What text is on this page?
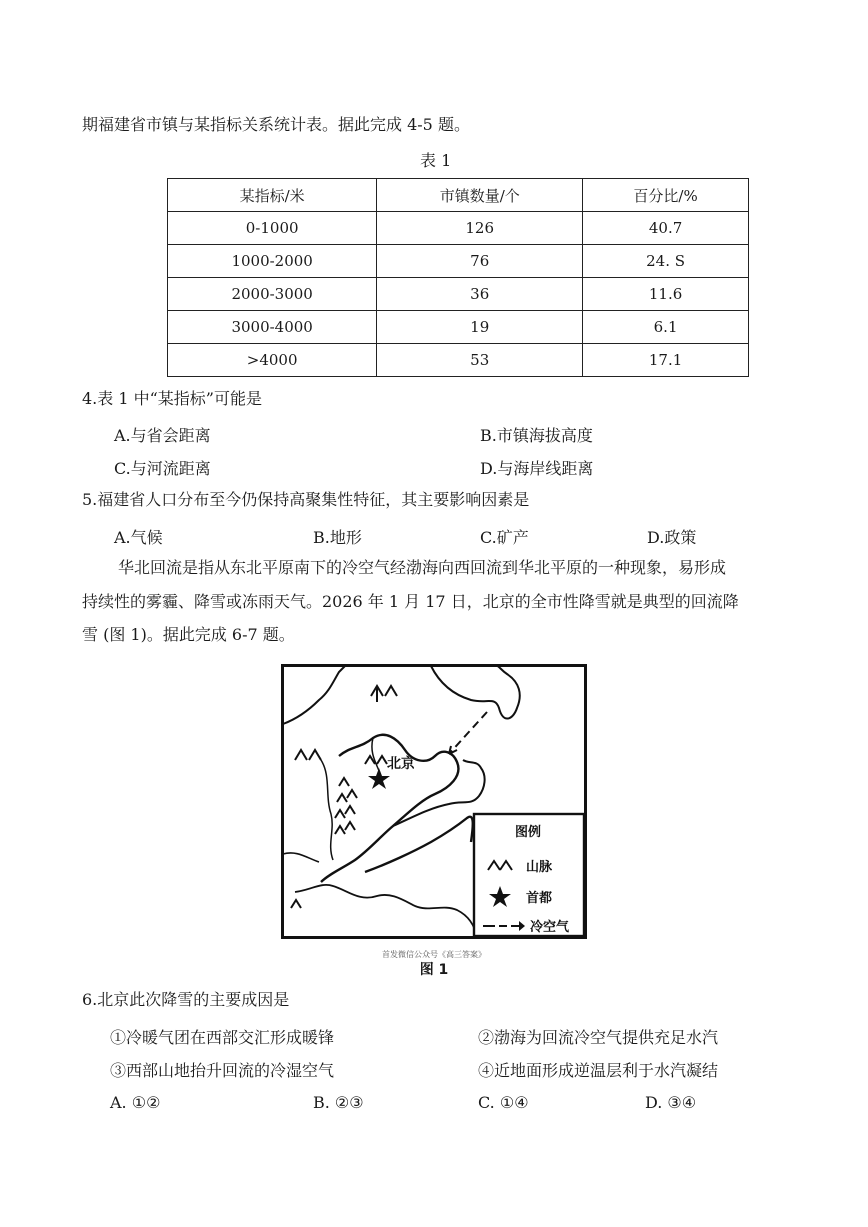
期福建省市镇与某指标关系统计表。据此完成 4-5 题。
表 1
某指标/米	市镇数量/个	百分比/%
0-1000	126	40.7
1000-2000	76	24. S
2000-3000	36	11.6
3000-4000	19	6.1
>4000	53	17.1
4.表 1 中“某指标”可能是
A.与省会距离	B.市镇海拔高度
C.与河流距离	D.与海岸线距离
5.福建省人口分布至今仍保持高聚集性特征，其主要影响因素是
A.气候	B.地形	C.矿产	D.政策
华北回流是指从东北平原南下的冷空气经渤海向西回流到华北平原的一种现象，易形成
持续性的雾霾、降雪或冻雨天气。2026 年 1 月 17 日，北京的全市性降雪就是典型的回流降
雪 (图 1)。据此完成 6-7 题。
北京
图例
山脉
首都
冷空气
首发微信公众号《高三答案》
图 1
6.北京此次降雪的主要成因是
①冷暖气团在西部交汇形成暖锋	②渤海为回流冷空气提供充足水汽
③西部山地抬升回流的冷湿空气	④近地面形成逆温层利于水汽凝结
A. ①②	B. ②③	C. ①④	D. ③④
